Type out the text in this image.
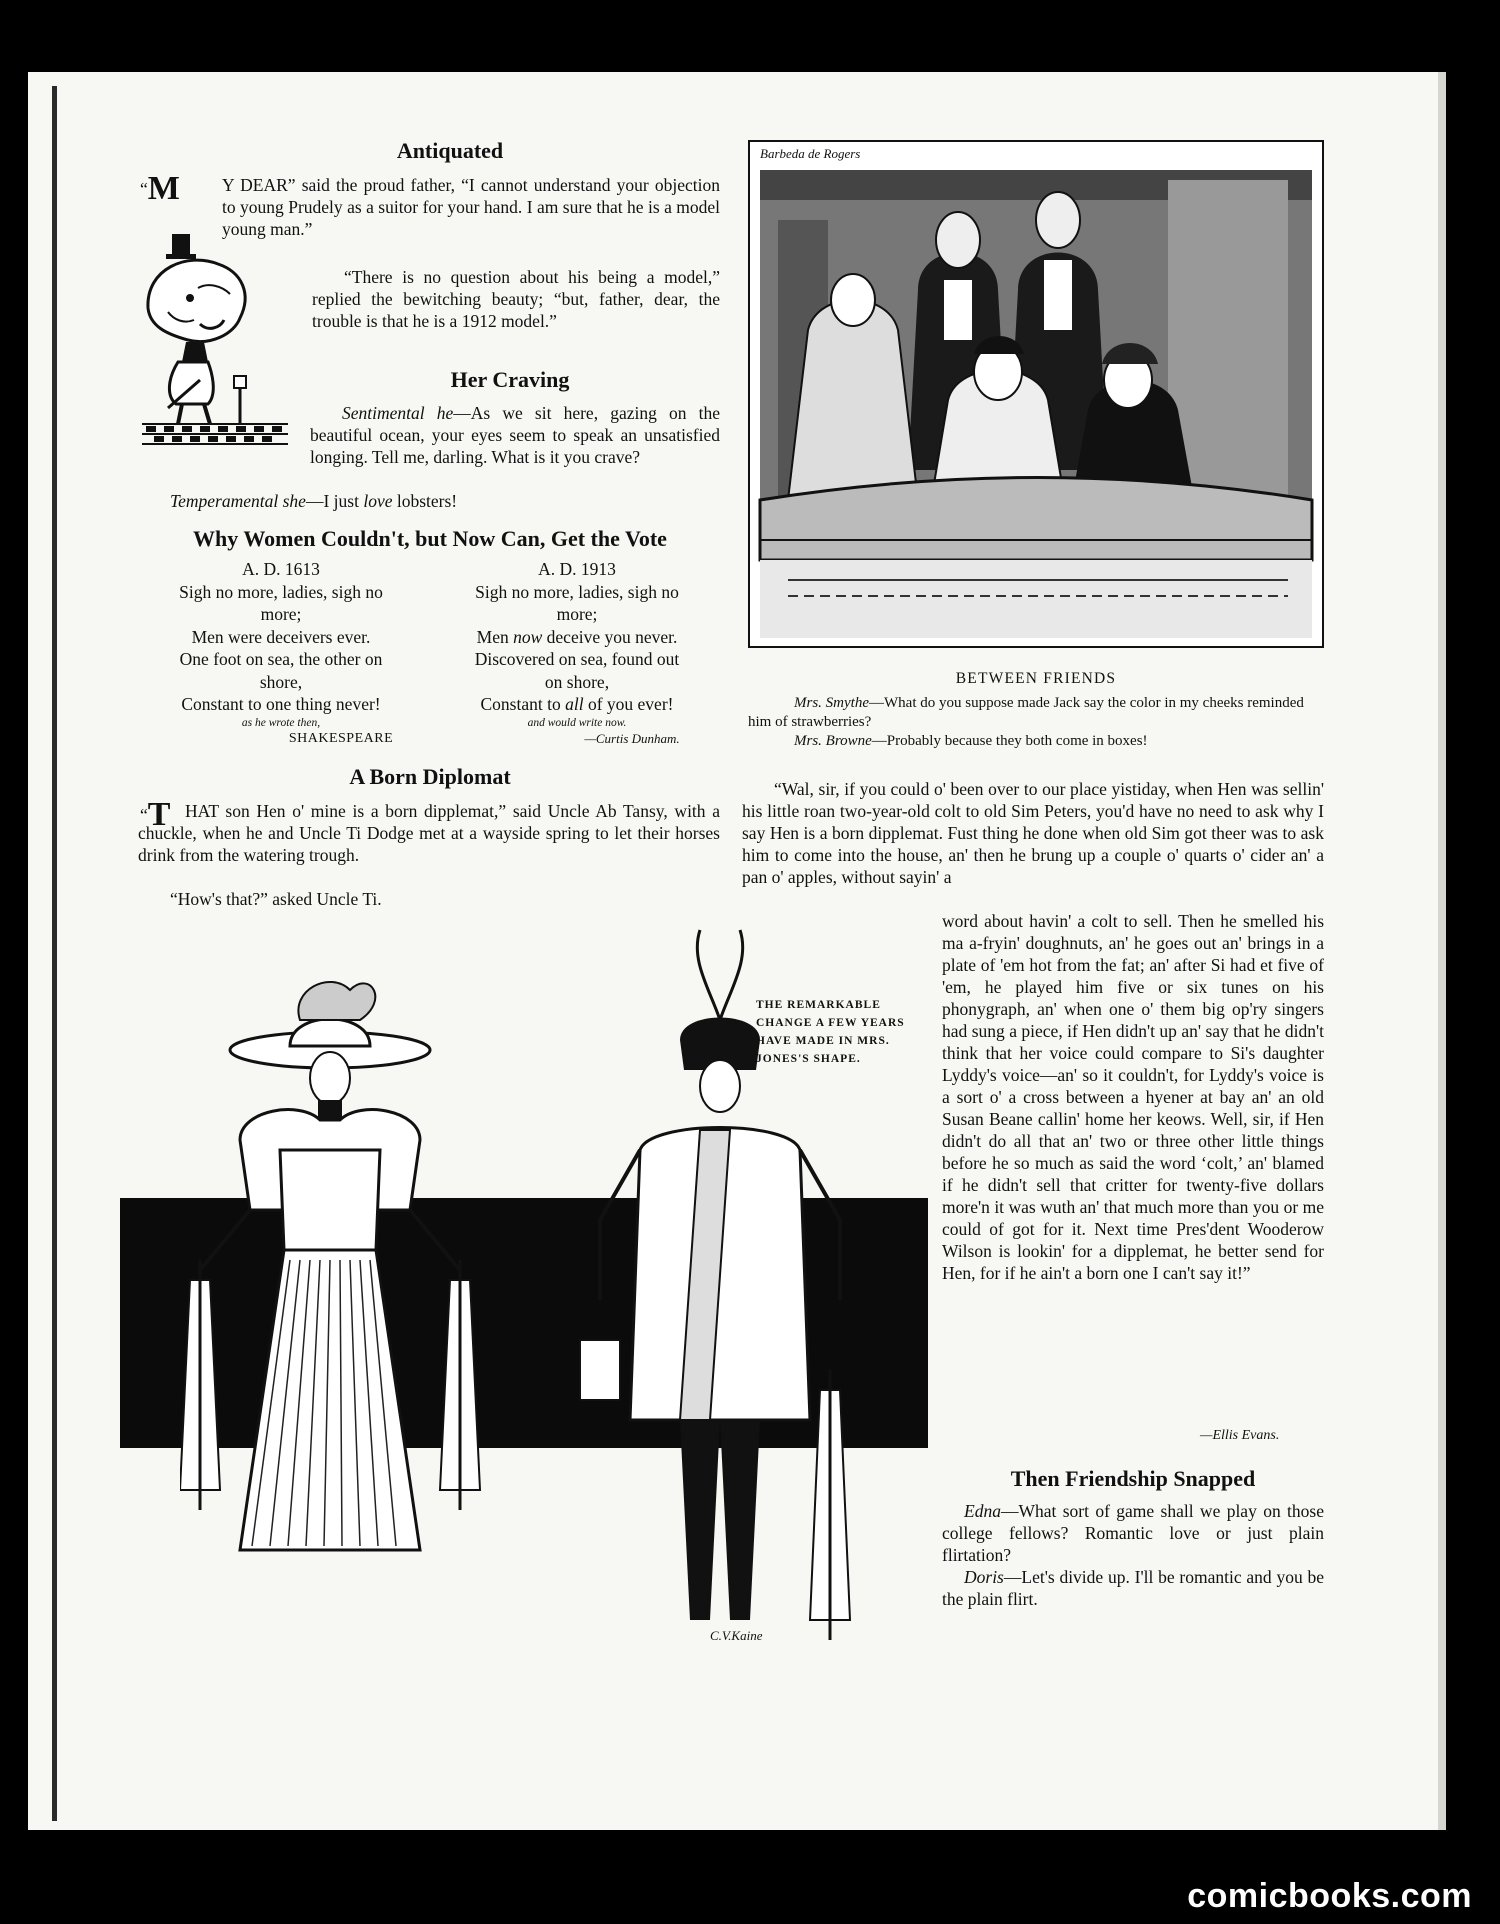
Antiquated
“M	Y DEAR” said the proud father, “I cannot understand your objection to young Prudely as a suitor for your hand. I am sure that he is a model young man.”
“There is no question about his being a model,” replied the bewitching beauty; “but, father, dear, the trouble is that he is a 1912 model.”
Her Craving
Sentimental he—As we sit here, gazing on the beautiful ocean, your eyes seem to speak an unsatisfied longing. Tell me, darling. What is it you crave?
Temperamental she—I just love lobsters!
Why Women Couldn't, but Now Can, Get the Vote
A. D. 1613
Sigh no more, ladies, sigh no
more;
Men were deceivers ever.
One foot on sea, the other on
shore,
Constant to one thing never!
as he wrote then,
SHAKESPEARE
A. D. 1913
Sigh no more, ladies, sigh no
more;
Men now deceive you never.
Discovered on sea, found out
on shore,
Constant to all of you ever!
and would write now.
—Curtis Dunham.
A Born Diplomat
“T HAT son Hen o' mine is a born dipplemat,” said Uncle Ab Tansy, with a chuckle, when he and Uncle Ti Dodge met at a wayside spring to let their horses drink from the watering trough.
“How's that?” asked Uncle Ti.
“Wal, sir, if you could o' been over to our place yistiday, when Hen was sellin' his little roan two-year-old colt to old Sim Peters, you'd have no need to ask why I say Hen is a born dipplemat. Fust thing he done when old Sim got theer was to ask him to come into the house, an' then he brung up a couple o' quarts o' cider an' a pan o' apples, without sayin' a
word about havin' a colt to sell. Then he smelled his ma a-fryin' doughnuts, an' he goes out an' brings in a plate of 'em hot from the fat; an' after Si had et five of 'em, he played him five or six tunes on his phonygraph, an' when one o' them big op'ry singers had sung a piece, if Hen didn't up an' say that he didn't think that her voice could compare to Si's daughter Lyddy's voice—an' so it couldn't, for Lyddy's voice is a sort o' a cross between a hyener at bay an' an old Susan Beane callin' home her keows. Well, sir, if Hen didn't do all that an' two or three other little things before he so much as said the word ‘colt,’ an' blamed if he didn't sell that critter for twenty-five dollars more'n it was wuth an' that much more than you or me could of got for it. Next time Pres'dent Wooderow Wilson is lookin' for a dipplemat, he better send for Hen, for if he ain't a born one I can't say it!”
—Ellis Evans.
Barbeda de Rogers
BETWEEN FRIENDS
Mrs. Smythe—What do you suppose made Jack say the color in my cheeks reminded him of strawberries?
Mrs. Browne—Probably because they both come in boxes!
C.V.Kaine
THE REMARKABLE CHANGE A FEW YEARS HAVE MADE IN MRS. JONES'S SHAPE.
Then Friendship Snapped

Edna—What sort of game shall we play on those college fellows? Romantic love or just plain flirtation?

Doris—Let's divide up. I'll be romantic and you be the plain flirt.

comicbooks.com
